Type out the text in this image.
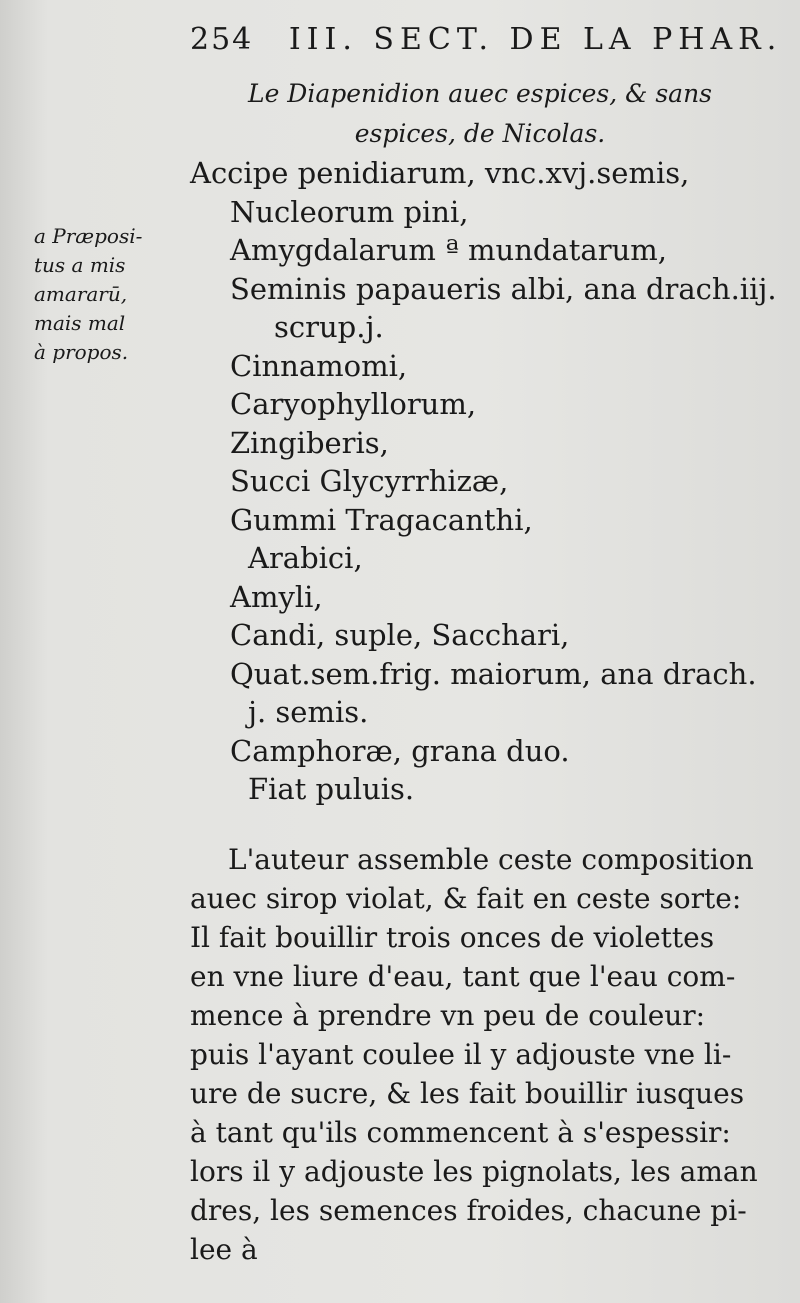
254 III. SECT. DE LA PHAR.
Le Diapenidion auec espices, & sans
espices, de Nicolas.
Accipe penidiarum, vnc.xvj.semis,
Nucleorum pini,
Amygdalarum ª mundatarum,
Seminis papaueris albi, ana drach.iij.
scrup.j.
Cinnamomi,
Caryophyllorum,
Zingiberis,
Succi Glycyrrhizæ,
Gummi Tragacanthi,
Arabici,
Amyli,
Candi, suple, Sacchari,
Quat.sem.frig. maiorum, ana drach.
j. semis.
Camphoræ, grana duo.
Fiat puluis.
a Præposi-
tus a mis
amararū,
mais mal
à propos.
L'auteur assemble ceste composition
auec sirop violat, & fait en ceste sorte:
Il fait bouillir trois onces de violettes
en vne liure d'eau, tant que l'eau com-
mence à prendre vn peu de couleur:
puis l'ayant coulee il y adjouste vne li-
ure de sucre, & les fait bouillir iusques
à tant qu'ils commencent à s'espessir:
lors il y adjouste les pignolats, les aman
dres, les semences froides, chacune pi-
lee à
